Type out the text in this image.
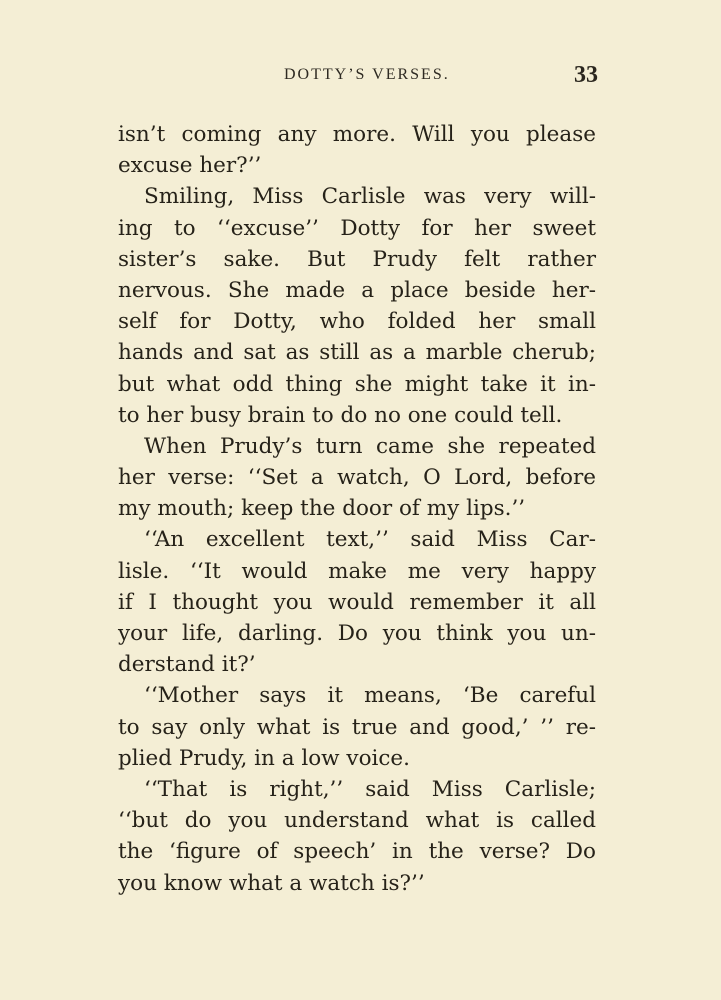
DOTTY’S VERSES.	33
isn’t coming any more. Will you please
excuse her?’’
Smiling, Miss Carlisle was very will-
ing to ‘‘excuse’’ Dotty for her sweet
sister’s sake. But Prudy felt rather
nervous. She made a place beside her-
self for Dotty, who folded her small
hands and sat as still as a marble cherub;
but what odd thing she might take it in-
to her busy brain to do no one could tell.
When Prudy’s turn came she repeated
her verse: ‘‘Set a watch, O Lord, before
my mouth; keep the door of my lips.’’
‘‘An excellent text,’’ said Miss Car-
lisle. ‘‘It would make me very happy
if I thought you would remember it all
your life, darling. Do you think you un-
derstand it?’
‘‘Mother says it means, ‘Be careful
to say only what is true and good,’ ’’ re-
plied Prudy, in a low voice.
‘‘That is right,’’ said Miss Carlisle;
‘‘but do you understand what is called
the ‘figure of speech’ in the verse? Do
you know what a watch is?’’
